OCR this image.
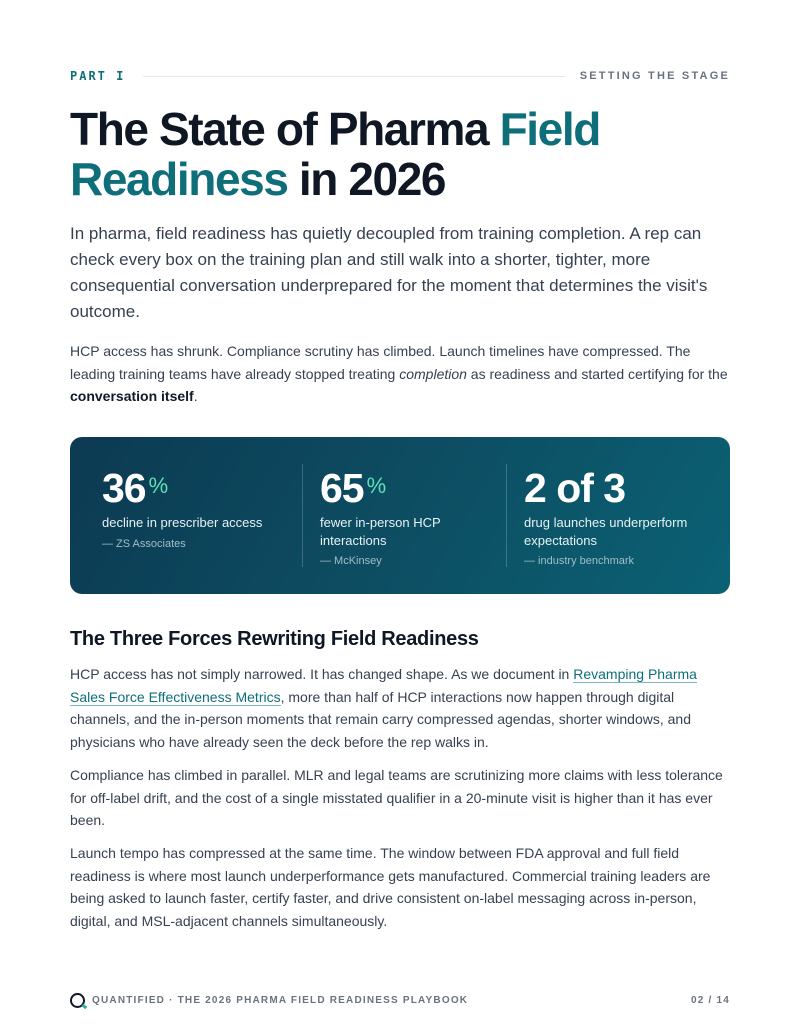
PART I	SETTING THE STAGE
The State of Pharma Field Readiness in 2026

In pharma, field readiness has quietly decoupled from training completion. A rep can check every box on the training plan and still walk into a shorter, tighter, more consequential conversation underprepared for the moment that determines the visit's outcome.

HCP access has shrunk. Compliance scrutiny has climbed. Launch timelines have compressed. The leading training teams have already stopped treating completion as readiness and started certifying for the conversation itself.

36 %
decline in prescriber access
— ZS Associates
65 %
fewer in-person HCP interactions
— McKinsey
2 of 3
drug launches underperform expectations
— industry benchmark
The Three Forces Rewriting Field Readiness

HCP access has not simply narrowed. It has changed shape. As we document in Revamping Pharma Sales Force Effectiveness Metrics, more than half of HCP interactions now happen through digital channels, and the in-person moments that remain carry compressed agendas, shorter windows, and physicians who have already seen the deck before the rep walks in.

Compliance has climbed in parallel. MLR and legal teams are scrutinizing more claims with less tolerance for off-label drift, and the cost of a single misstated qualifier in a 20-minute visit is higher than it has ever been.

Launch tempo has compressed at the same time. The window between FDA approval and full field readiness is where most launch underperformance gets manufactured. Commercial training leaders are being asked to launch faster, certify faster, and drive consistent on-label messaging across in-person, digital, and MSL-adjacent channels simultaneously.

QUANTIFIED · THE 2026 PHARMA FIELD READINESS PLAYBOOK	02 / 14
